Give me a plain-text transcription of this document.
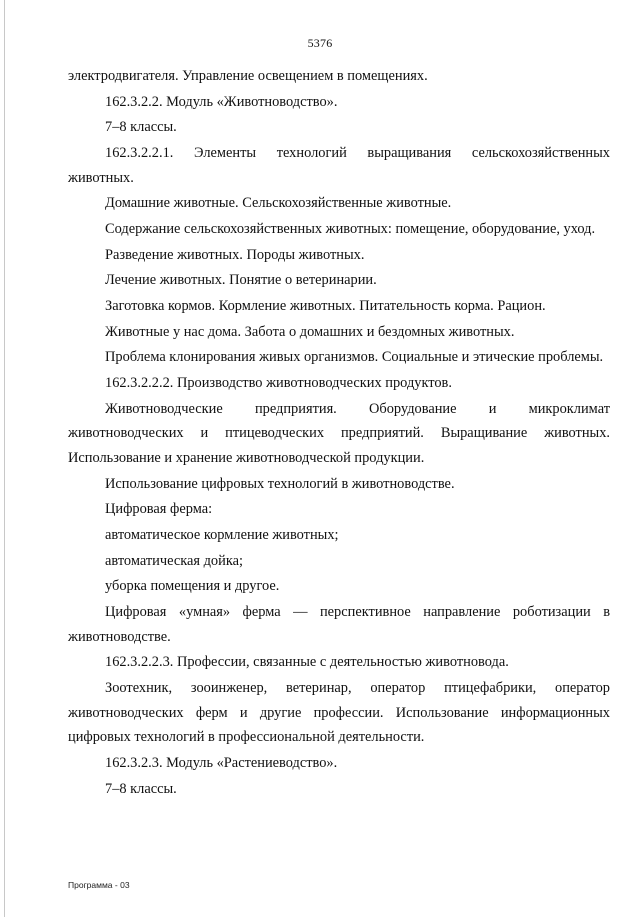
5376

электродвигателя. Управление освещением в помещениях.

162.3.2.2. Модуль «Животноводство».

7–8 классы.

162.3.2.2.1. Элементы технологий выращивания сельскохозяйственных животных.

Домашние животные. Сельскохозяйственные животные.

Содержание сельскохозяйственных животных: помещение, оборудование, уход.

Разведение животных. Породы животных.

Лечение животных. Понятие о ветеринарии.

Заготовка кормов. Кормление животных. Питательность корма. Рацион.

Животные у нас дома. Забота о домашних и бездомных животных.

Проблема клонирования живых организмов. Социальные и этические проблемы.

162.3.2.2.2. Производство животноводческих продуктов.

Животноводческие предприятия. Оборудование и микроклимат животноводческих и птицеводческих предприятий. Выращивание животных. Использование и хранение животноводческой продукции.

Использование цифровых технологий в животноводстве.

Цифровая ферма:

автоматическое кормление животных;

автоматическая дойка;

уборка помещения и другое.

Цифровая «умная» ферма — перспективное направление роботизации в животноводстве.

162.3.2.2.3. Профессии, связанные с деятельностью животновода.

Зоотехник, зооинженер, ветеринар, оператор птицефабрики, оператор животноводческих ферм и другие профессии. Использование информационных цифровых технологий в профессиональной деятельности.

162.3.2.3. Модуль «Растениеводство».

7–8 классы.

Программа - 03
